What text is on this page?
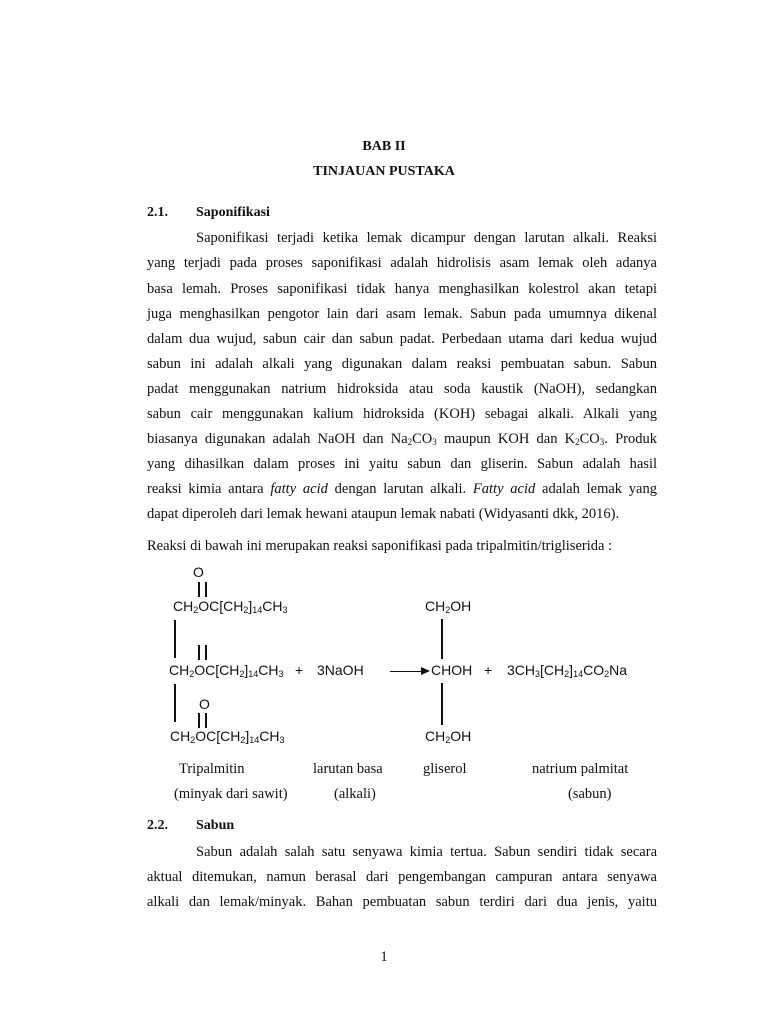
BAB II
TINJAUAN PUSTAKA
2.1. Saponifikasi
Saponifikasi terjadi ketika lemak dicampur dengan larutan alkali. Reaksi
yang terjadi pada proses saponifikasi adalah hidrolisis asam lemak oleh adanya
basa lemah. Proses saponifikasi tidak hanya menghasilkan kolestrol akan tetapi
juga menghasilkan pengotor lain dari asam lemak. Sabun pada umumnya dikenal
dalam dua wujud, sabun cair dan sabun padat. Perbedaan utama dari kedua wujud
sabun ini adalah alkali yang digunakan dalam reaksi pembuatan sabun. Sabun
padat menggunakan natrium hidroksida atau soda kaustik (NaOH), sedangkan
sabun cair menggunakan kalium hidroksida (KOH) sebagai alkali. Alkali yang
biasanya digunakan adalah NaOH dan $Na_2CO_3$ maupun KOH dan $K_2CO_3$. Produk
yang dihasilkan dalam proses ini yaitu sabun dan gliserin. Sabun adalah hasil
reaksi kimia antara fatty acid dengan larutan alkali. Fatty acid adalah lemak yang
dapat diperoleh dari lemak hewani ataupun lemak nabati (Widyasanti dkk, 2016).
Reaksi di bawah ini merupakan reaksi saponifikasi pada tripalmitin/trigliserida :
O
$CH_2OC[CH_2]_{14}CH_3$
$CH_2OC[CH_2]_{14}CH_3$ + 3NaOH
O
$CH_2OC[CH_2]_{14}CH_3$
$CH_2OH$
CHOH +
$CH_2OH$
$3CH_3[CH_2]_{14}CO_2Na$
Tripalmitin	larutan basa	gliserol	natrium palmitat
(minyak dari sawit)	(alkali)	(sabun)
2.2. Sabun
Sabun adalah salah satu senyawa kimia tertua. Sabun sendiri tidak secara
aktual ditemukan, namun berasal dari pengembangan campuran antara senyawa
alkali dan lemak/minyak. Bahan pembuatan sabun terdiri dari dua jenis, yaitu
1
